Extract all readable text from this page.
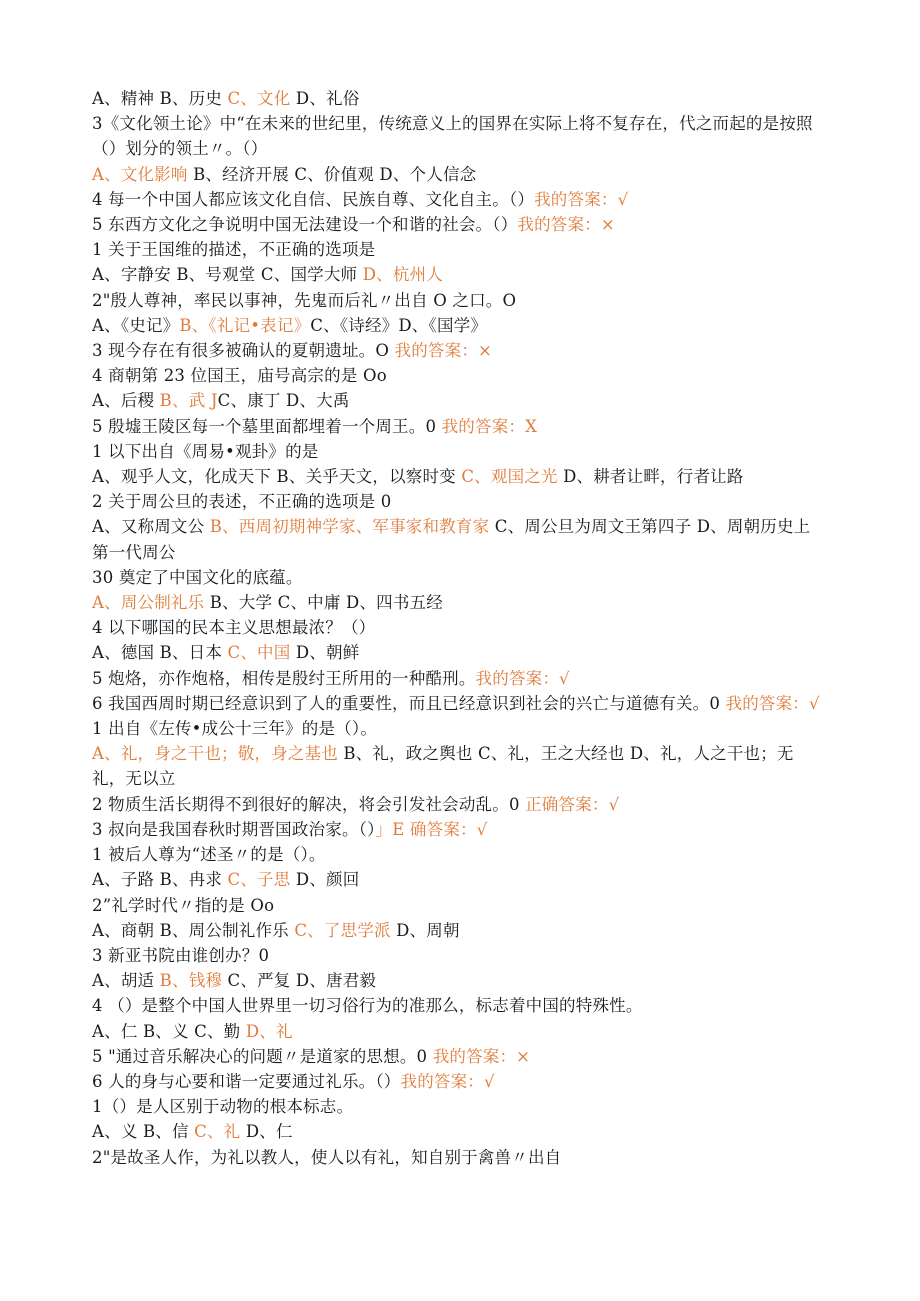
A、精神 B、历史 C、文化 D、礼俗
3《文化领土论》中“在未来的世纪里，传统意义上的国界在实际上将不复存在，代之而起的是按照（）划分的领土〃。（）
A、文化影响 B、经济开展 C、价值观 D、个人信念
4 每一个中国人都应该文化自信、民族自尊、文化自主。（）我的答案：√
5 东西方文化之争说明中国无法建设一个和谐的社会。（）我的答案：×
1 关于王国维的描述，不正确的选项是
A、字静安 B、号观堂 C、国学大师 D、杭州人
2"殷人尊神，率民以事神，先鬼而后礼〃出自 O 之口。O
A、《史记》B、《礼记•表记》C、《诗经》D、《国学》
3 现今存在有很多被确认的夏朝遗址。O 我的答案：×
4 商朝第 23 位国王，庙号高宗的是 Oo
A、后稷 B、武 JC、康丁 D、大禹
5 殷墟王陵区每一个墓里面都埋着一个周王。0 我的答案：X
1 以下出自《周易•观卦》的是
A、观乎人文，化成天下 B、关乎天文，以察时变 C、观国之光 D、耕者让畔，行者让路
2 关于周公旦的表述，不正确的选项是 0
A、又称周文公 B、西周初期神学家、军事家和教育家 C、周公旦为周文王第四子 D、周朝历史上第一代周公
30 奠定了中国文化的底蕴。
A、周公制礼乐 B、大学 C、中庸 D、四书五经
4 以下哪国的民本主义思想最浓？（）
A、德国 B、日本 C、中国 D、朝鲜
5 炮烙，亦作炮格，相传是殷纣王所用的一种酷刑。我的答案：√
6 我国西周时期已经意识到了人的重要性，而且已经意识到社会的兴亡与道德有关。0 我的答案：√
1 出自《左传•成公十三年》的是（）。
A、礼，身之干也；敬，身之基也 B、礼，政之舆也 C、礼，王之大经也 D、礼，人之干也；无礼，无以立
2 物质生活长期得不到很好的解决，将会引发社会动乱。0 正确答案：√
3 叔向是我国春秋时期晋国政治家。（）」E 确答案：√
1 被后人尊为“述圣〃的是（）。
A、子路 B、冉求 C、子思 D、颜回
2”礼学时代〃指的是 Oo
A、商朝 B、周公制礼作乐 C、了思学派 D、周朝
3 新亚书院由谁创办？0
A、胡适 B、钱穆 C、严复 D、唐君毅
4 （）是整个中国人世界里一切习俗行为的准那么，标志着中国的特殊性。
A、仁 B、义 C、勤 D、礼
5 "通过音乐解决心的问题〃是道家的思想。0 我的答案：×
6 人的身与心要和谐一定要通过礼乐。（）我的答案：√
1（）是人区别于动物的根本标志。
A、义 B、信 C、礼 D、仁
2"是故圣人作，为礼以教人，使人以有礼，知自别于禽兽〃出自
